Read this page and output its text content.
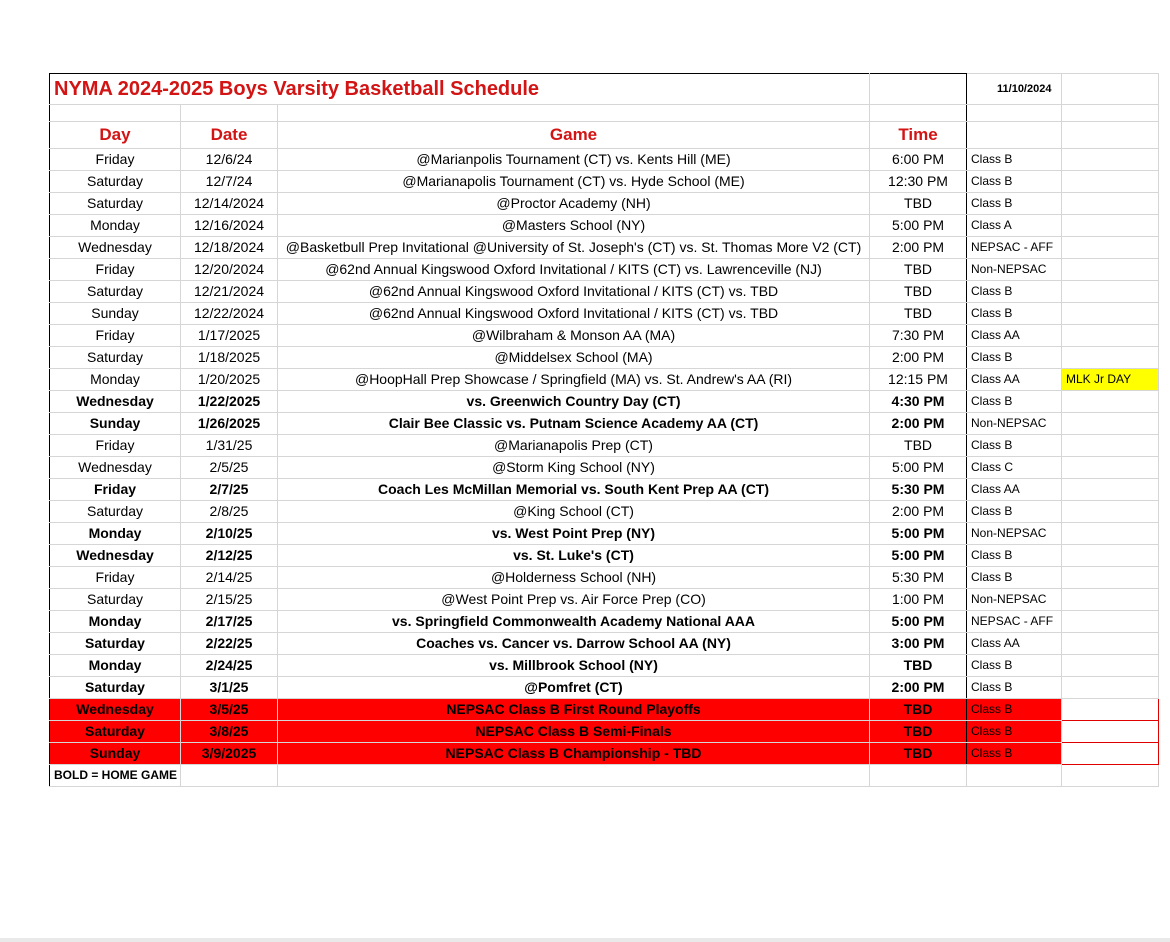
NYMA 2024-2025 Boys Varsity Basketball Schedule				11/10/2024	

Day	Date	Game	Time		
Friday	12/6/24	@Marianpolis Tournament (CT) vs. Kents Hill (ME)	6:00 PM	Class B	
Saturday	12/7/24	@Marianapolis Tournament (CT) vs. Hyde School (ME)	12:30 PM	Class B	
Saturday	12/14/2024	@Proctor Academy (NH)	TBD	Class B	
Monday	12/16/2024	@Masters School (NY)	5:00 PM	Class A	
Wednesday	12/18/2024	@Basketbull Prep Invitational @University of St. Joseph's (CT) vs. St. Thomas More V2 (CT)	2:00 PM	NEPSAC - AFF	
Friday	12/20/2024	@62nd Annual Kingswood Oxford Invitational / KITS (CT) vs. Lawrenceville (NJ)	TBD	Non-NEPSAC	
Saturday	12/21/2024	@62nd Annual Kingswood Oxford Invitational / KITS (CT) vs. TBD	TBD	Class B	
Sunday	12/22/2024	@62nd Annual Kingswood Oxford Invitational / KITS (CT) vs. TBD	TBD	Class B	
Friday	1/17/2025	@Wilbraham & Monson AA (MA)	7:30 PM	Class AA	
Saturday	1/18/2025	@Middelsex School (MA)	2:00 PM	Class B	
Monday	1/20/2025	@HoopHall Prep Showcase / Springfield (MA) vs. St. Andrew's AA (RI)	12:15 PM	Class AA	MLK Jr DAY
Wednesday	1/22/2025	vs. Greenwich Country Day (CT)	4:30 PM	Class B	
Sunday	1/26/2025	Clair Bee Classic vs. Putnam Science Academy AA (CT)	2:00 PM	Non-NEPSAC	
Friday	1/31/25	@Marianapolis Prep (CT)	TBD	Class B	
Wednesday	2/5/25	@Storm King School (NY)	5:00 PM	Class C	
Friday	2/7/25	Coach Les McMillan Memorial vs. South Kent Prep AA (CT)	5:30 PM	Class AA	
Saturday	2/8/25	@King School (CT)	2:00 PM	Class B	
Monday	2/10/25	vs. West Point Prep (NY)	5:00 PM	Non-NEPSAC	
Wednesday	2/12/25	vs. St. Luke's (CT)	5:00 PM	Class B	
Friday	2/14/25	@Holderness School (NH)	5:30 PM	Class B	
Saturday	2/15/25	@West Point Prep vs. Air Force Prep (CO)	1:00 PM	Non-NEPSAC	
Monday	2/17/25	vs. Springfield Commonwealth Academy National AAA	5:00 PM	NEPSAC - AFF	
Saturday	2/22/25	Coaches vs. Cancer vs. Darrow School AA (NY)	3:00 PM	Class AA	
Monday	2/24/25	vs. Millbrook School (NY)	TBD	Class B	
Saturday	3/1/25	@Pomfret (CT)	2:00 PM	Class B	
Wednesday	3/5/25	NEPSAC Class B First Round Playoffs	TBD	Class B	
Saturday	3/8/25	NEPSAC Class B Semi-Finals	TBD	Class B	
Sunday	3/9/2025	NEPSAC Class B Championship - TBD	TBD	Class B	
BOLD = HOME GAME					
